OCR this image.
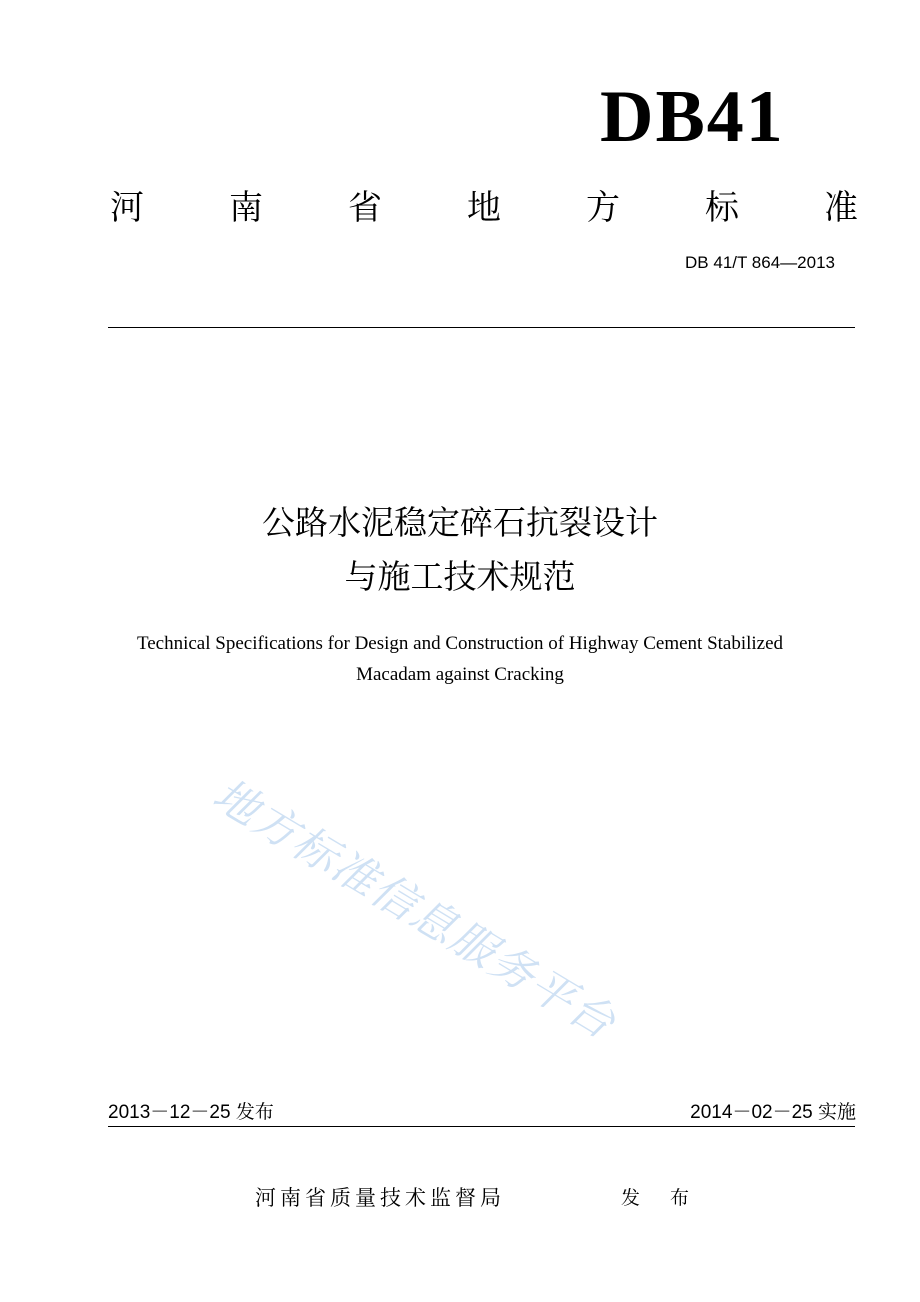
DB41
河	南	省	地	方	标	准
DB 41/T 864—2013
公路水泥稳定碎石抗裂设计
与施工技术规范
Technical Specifications for Design and Construction of Highway Cement Stabilized
Macadam against Cracking
地方标准信息服务平台
2013－12－25 发布	2014－02－25 实施
河南省质量技术监督局	发 布
